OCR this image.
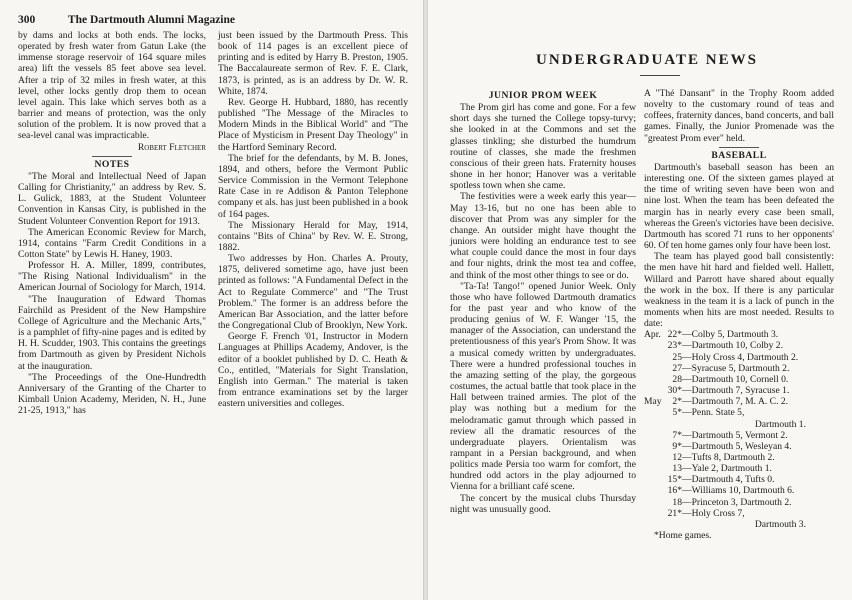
300	The Dartmouth Alumni Magazine

by dams and locks at both ends. The locks, operated by fresh water from Gatun Lake (the immense storage reservoir of 164 square miles area) lift the vessels 85 feet above sea level. After a trip of 32 miles in fresh water, at this level, other locks gently drop them to ocean level again. This lake which serves both as a barrier and means of protection, was the only solution of the problem. It is now proved that a sea-level canal was impracticable.

Robert Fletcher

NOTES

"The Moral and Intellectual Need of Japan Calling for Christianity," an address by Rev. S. L. Gulick, 1883, at the Student Volunteer Convention in Kansas City, is published in the Student Volunteer Convention Report for 1913.

The American Economic Review for March, 1914, contains "Farm Credit Conditions in a Cotton State" by Lewis H. Haney, 1903.

Professor H. A. Miller, 1899, contributes, "The Rising National Individualism" in the American Journal of Sociology for March, 1914.

"The Inauguration of Edward Thomas Fairchild as President of the New Hampshire College of Agriculture and the Mechanic Arts," is a pamphlet of fifty-nine pages and is edited by H. H. Scudder, 1903. This contains the greetings from Dartmouth as given by President Nichols at the inauguration.

"The Proceedings of the One-Hundredth Anniversary of the Granting of the Charter to Kimball Union Academy, Meriden, N. H., June 21-25, 1913," has

just been issued by the Dartmouth Press. This book of 114 pages is an excellent piece of printing and is edited by Harry B. Preston, 1905. The Baccalaureate sermon of Rev. F. E. Clark, 1873, is printed, as is an address by Dr. W. R. White, 1874.

Rev. George H. Hubbard, 1880, has recently published "The Message of the Miracles to Modern Minds in the Biblical World" and "The Place of Mysticism in Present Day Theology" in the Hartford Seminary Record.

The brief for the defendants, by M. B. Jones, 1894, and others, before the Vermont Public Service Commission in the Vermont Telephone Rate Case in re Addison & Panton Telephone company et als. has just been published in a book of 164 pages.

The Missionary Herald for May, 1914, contains "Bits of China" by Rev. W. E. Strong, 1882.

Two addresses by Hon. Charles A. Prouty, 1875, delivered sometime ago, have just been printed as follows: "A Fundamental Defect in the Act to Regulate Commerce" and "The Trust Problem." The former is an address before the American Bar Association, and the latter before the Congregational Club of Brooklyn, New York.

George F. French '01, Instructor in Modern Languages at Phillips Academy, Andover, is the editor of a booklet published by D. C. Heath & Co., entitled, "Materials for Sight Translation, English into German." The material is taken from entrance examinations set by the larger eastern universities and colleges.

UNDERGRADUATE NEWS

JUNIOR PROM WEEK

The Prom girl has come and gone. For a few short days she turned the College topsy-turvy; she looked in at the Commons and set the glasses tinkling; she disturbed the humdrum routine of classes, she made the freshmen conscious of their green hats. Fraternity houses shone in her honor; Hanover was a veritable spotless town when she came.

The festivities were a week early this year—May 13-16, but no one has been able to discover that Prom was any simpler for the change. An outsider might have thought the juniors were holding an endurance test to see what couple could dance the most in four days and four nights, drink the most tea and coffee, and think of the most other things to see or do.

"Ta-Ta! Tango!" opened Junior Week. Only those who have followed Dartmouth dramatics for the past year and who know of the producing genius of W. F. Wanger '15, the manager of the Association, can understand the pretentiousness of this year's Prom Show. It was a musical comedy written by undergraduates. There were a hundred professional touches in the amazing setting of the play, the gorgeous costumes, the actual battle that took place in the Hall between trained armies. The plot of the play was nothing but a medium for the melodramatic gamut through which passed in review all the dramatic resources of the undergraduate players. Orientalism was rampant in a Persian background, and when politics made Persia too warm for comfort, the hundred odd actors in the play adjourned to Vienna for a brilliant café scene.

The concert by the musical clubs Thursday night was unusually good.

A "Thé Dansant" in the Trophy Room added novelty to the customary round of teas and coffees, fraternity dances, band concerts, and ball games. Finally, the Junior Promenade was the "greatest Prom ever" held.

BASEBALL

Dartmouth's baseball season has been an interesting one. Of the sixteen games played at the time of writing seven have been won and nine lost. When the team has been defeated the margin has in nearly every case been small, whereas the Green's victories have been decisive. Dartmouth has scored 71 runs to her opponents' 60. Of ten home games only four have been lost.

The team has played good ball consistently: the men have hit hard and fielded well. Hallett, Willard and Parrott have shared about equally the work in the box. If there is any particular weakness in the team it is a lack of punch in the moments when hits are most needed. Results to date:

Apr. 22* — Colby 5, Dartmouth 3.
23* — Dartmouth 10, Colby 2.
25 — Holy Cross 4, Dartmouth 2.
27 — Syracuse 5, Dartmouth 2.
28 — Dartmouth 10, Cornell 0.
30* — Dartmouth 7, Syracuse 1.
May	2* — Dartmouth 7, M. A. C. 2.
5* — Penn. State 5,
Dartmouth 1.
7* — Dartmouth 5, Vermont 2.
9* — Dartmouth 5, Wesleyan 4.
12 — Tufts 8, Dartmouth 2.
13 — Yale 2, Dartmouth 1.
15* — Dartmouth 4, Tufts 0.
16* — Williams 10, Dartmouth 6.
18 — Princeton 3, Dartmouth 2.
21* — Holy Cross 7,
Dartmouth 3.

*Home games.
